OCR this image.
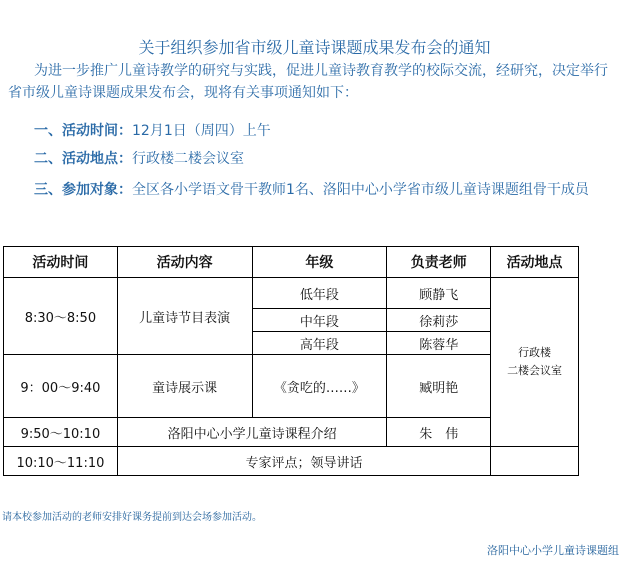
关于组织参加省市级儿童诗课题成果发布会的通知
为进一步推广儿童诗教学的研究与实践，促进儿童诗教育教学的校际交流，经研究，决定举行省市级儿童诗课题成果发布会，现将有关事项通知如下：
一、活动时间：12月1日（周四）上午
二、活动地点：行政楼二楼会议室
三、参加对象：全区各小学语文骨干教师1名、洛阳中心小学省市级儿童诗课题组骨干成员
活动时间	活动内容	年级	负责老师	活动地点
8:30～8:50	儿童诗节目表演	低年段	顾静飞	行政楼
二楼会议室

		中年段	徐莉莎	
		高年段	陈蓉华	
9：00～9:40	童诗展示课	《贪吃的……》	臧明艳	
9:50～10:10	洛阳中心小学儿童诗课程介绍		朱　伟	
10:10～11:10	专家评点；领导讲话			
请本校参加活动的老师安排好课务提前到达会场参加活动。
洛阳中心小学儿童诗课题组
